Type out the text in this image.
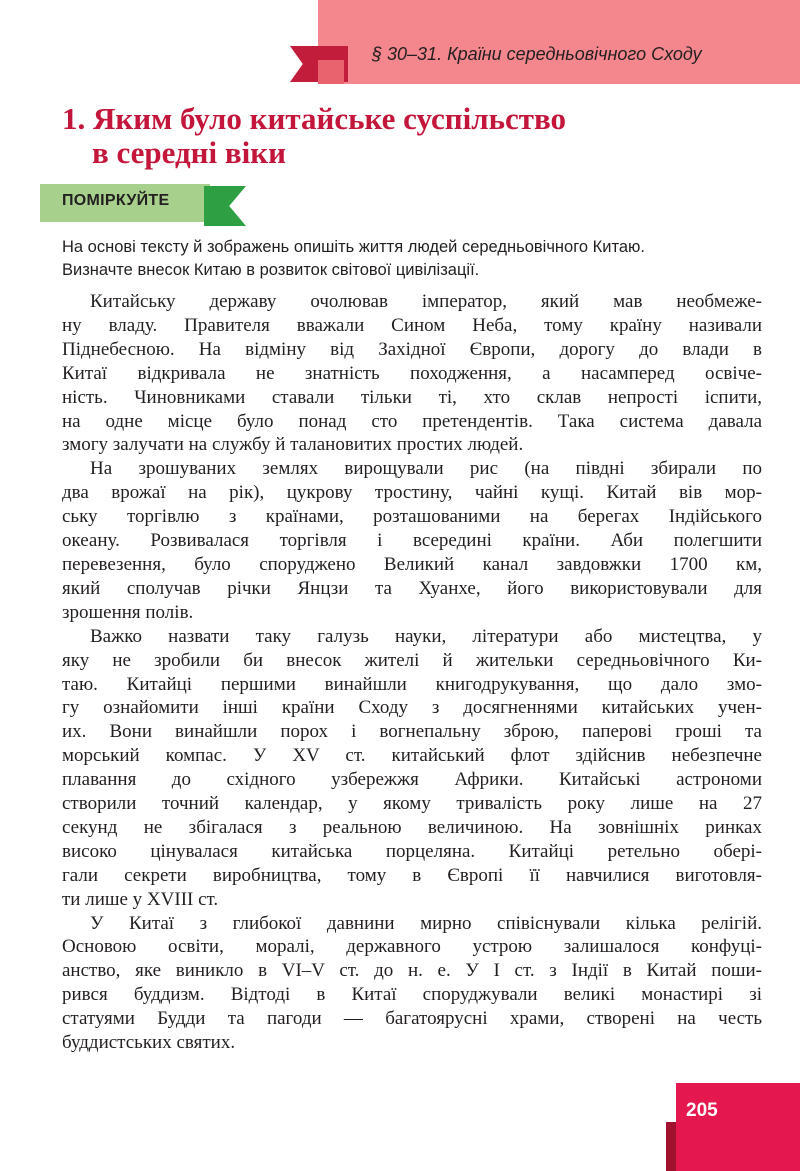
§ 30–31. Країни середньовічного Сходу
1. Яким було китайське суспільство
в середні віки
ПОМІРКУЙТЕ
На основі тексту й зображень опишіть життя людей середньовічного Китаю.
Визначте внесок Китаю в розвиток світової цивілізації.
Китайську державу очолював імператор, який мав необмеже-
ну владу. Правителя вважали Сином Неба, тому країну називали
Піднебесною. На відміну від Західної Європи, дорогу до влади в
Китаї відкривала не знатність походження, а насамперед освіче-
ність. Чиновниками ставали тільки ті, хто склав непрості іспити,
на одне місце було понад сто претендентів. Така система давала
змогу залучати на службу й талановитих простих людей.
На зрошуваних землях вирощували рис (на півдні збирали по
два врожаї на рік), цукрову тростину, чайні кущі. Китай вів мор-
ську торгівлю з країнами, розташованими на берегах Індійського
океану. Розвивалася торгівля і всередині країни. Аби полегшити
перевезення, було споруджено Великий канал завдовжки 1700 км,
який сполучав річки Янцзи та Хуанхе, його використовували для
зрошення полів.
Важко назвати таку галузь науки, літератури або мистецтва, у
яку не зробили би внесок жителі й жительки середньовічного Ки-
таю. Китайці першими винайшли книгодрукування, що дало змо-
гу ознайомити інші країни Сходу з досягненнями китайських учен-
их. Вони винайшли порох і вогнепальну зброю, паперові гроші та
морський компас. У XV ст. китайський флот здійснив небезпечне
плавання до східного узбережжя Африки. Китайські астрономи
створили точний календар, у якому тривалість року лише на 27
секунд не збігалася з реальною величиною. На зовнішніх ринках
високо цінувалася китайська порцеляна. Китайці ретельно обері-
гали секрети виробництва, тому в Європі її навчилися виготовля-
ти лише у XVIII ст.
У Китаї з глибокої давнини мирно співіснували кілька релігій.
Основою освіти, моралі, державного устрою залишалося конфуці-
анство, яке виникло в VI–V ст. до н. е. У I ст. з Індії в Китай поши-
рився буддизм. Відтоді в Китаї споруджували великі монастирі зі
статуями Будди та пагоди — багатоярусні храми, створені на честь
буддистських святих.
205
